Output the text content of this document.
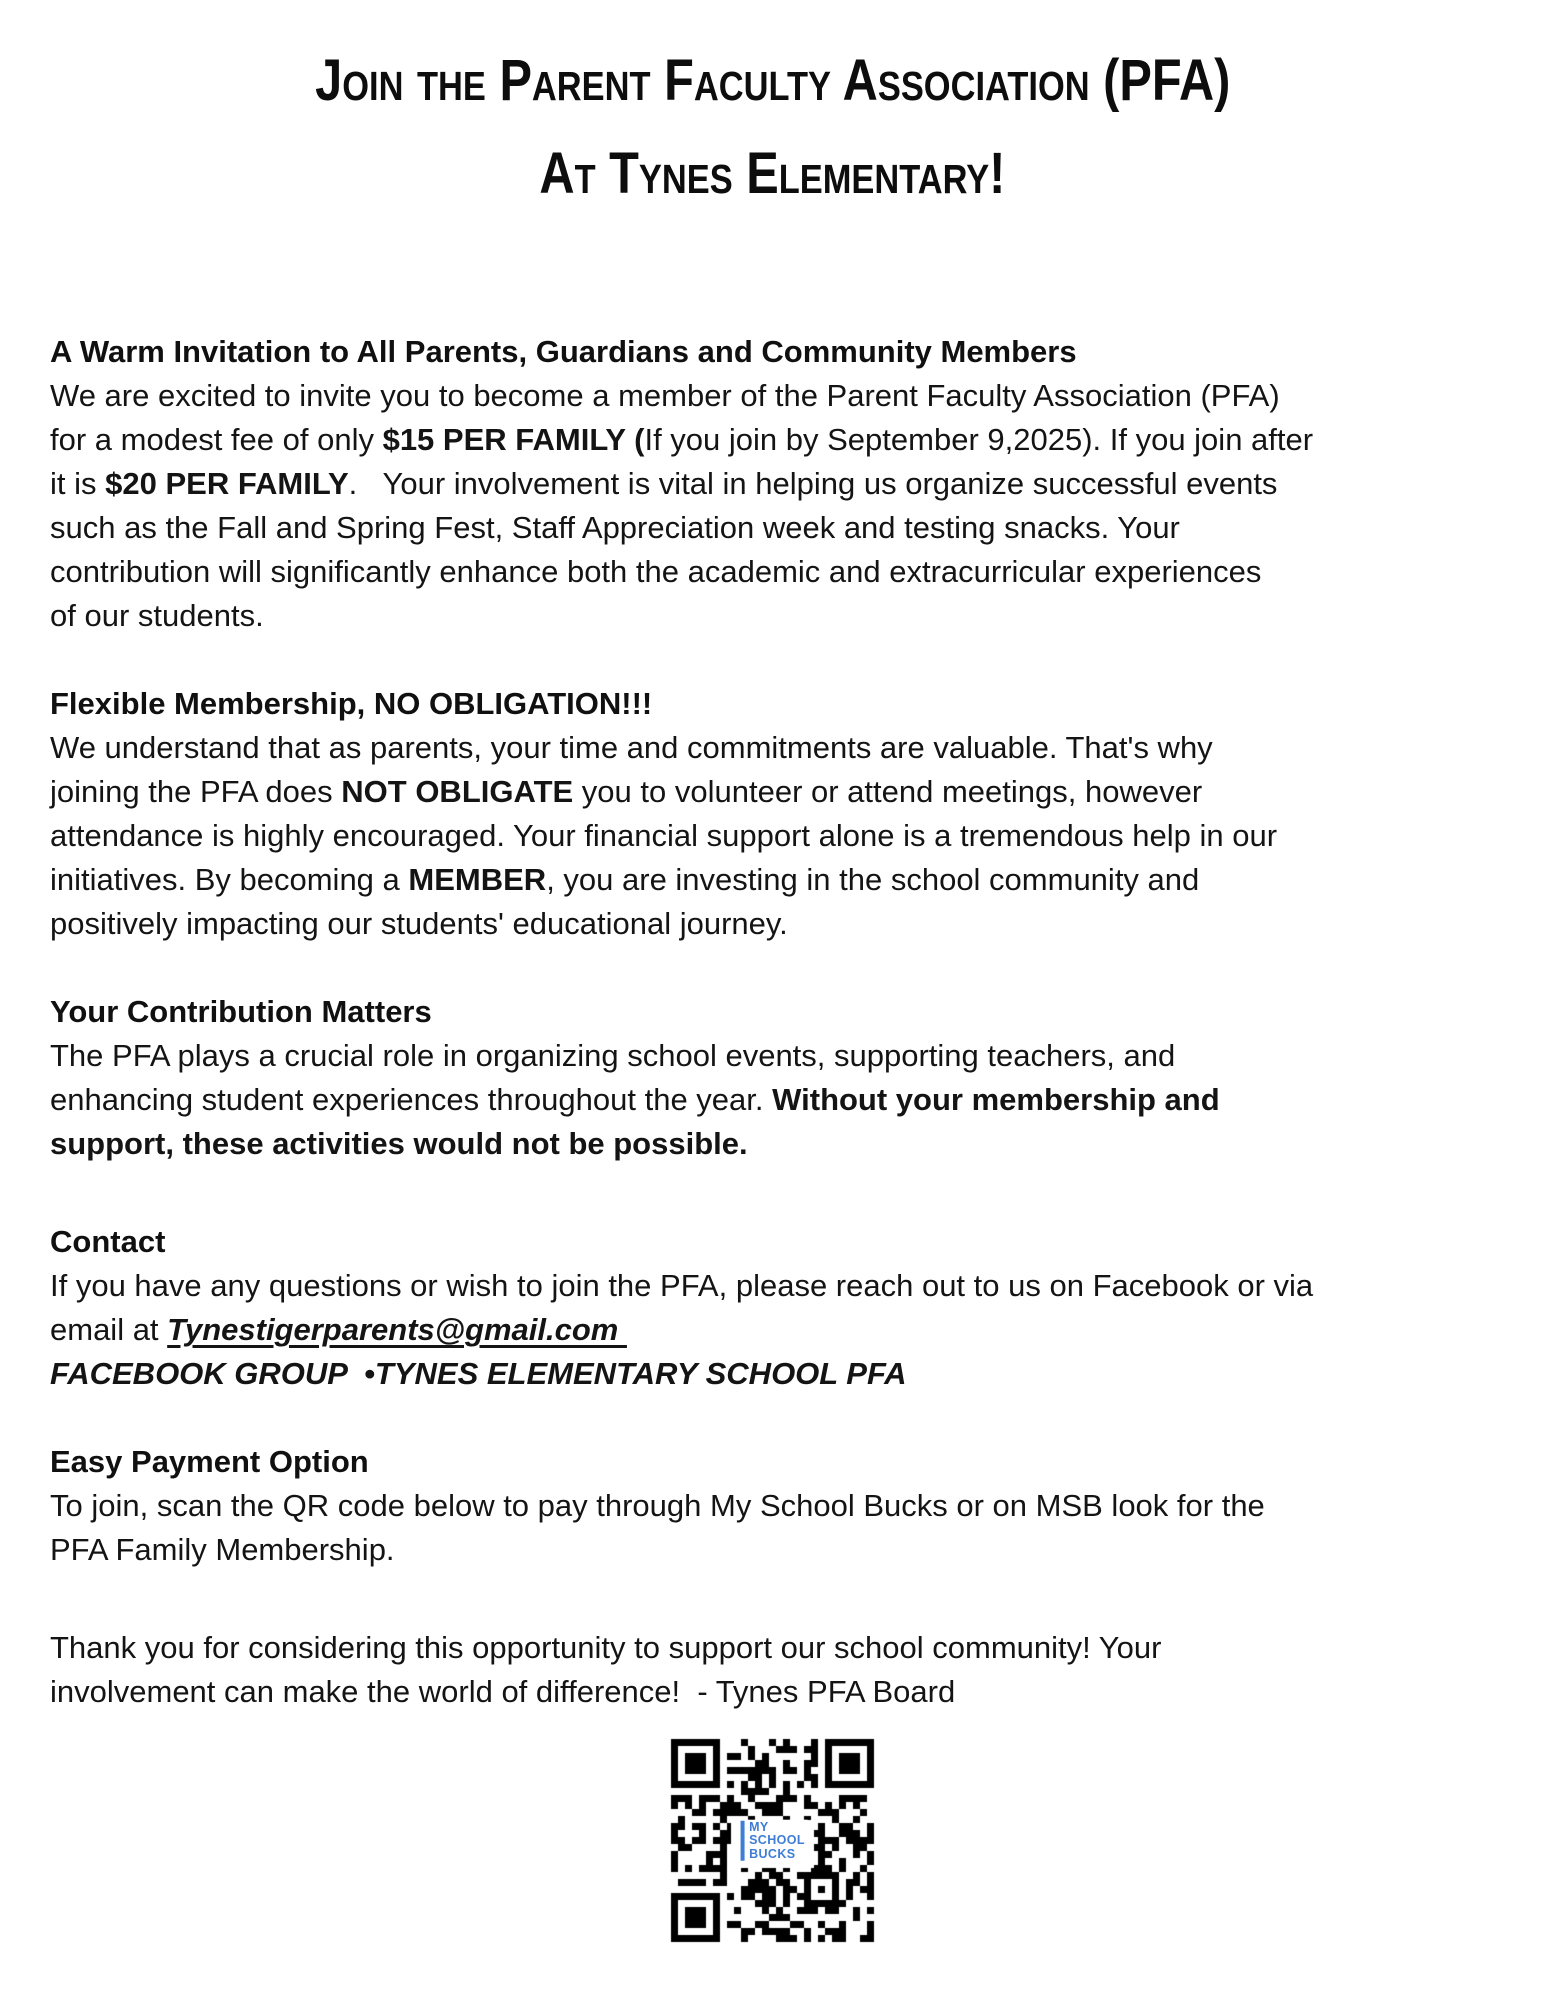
Join the Parent Faculty Association (PFA)
At Tynes Elementary!
A Warm Invitation to All Parents, Guardians and Community Members
We are excited to invite you to become a member of the Parent Faculty Association (PFA)
for a modest fee of only $15 PER FAMILY (If you join by September 9,2025). If you join after
it is $20 PER FAMILY.   Your involvement is vital in helping us organize successful events
such as the Fall and Spring Fest, Staff Appreciation week and testing snacks. Your
contribution will significantly enhance both the academic and extracurricular experiences
of our students.
Flexible Membership, NO OBLIGATION!!!
We understand that as parents, your time and commitments are valuable. That's why
joining the PFA does NOT OBLIGATE you to volunteer or attend meetings, however
attendance is highly encouraged. Your financial support alone is a tremendous help in our
initiatives. By becoming a MEMBER, you are investing in the school community and
positively impacting our students' educational journey.
Your Contribution Matters
The PFA plays a crucial role in organizing school events, supporting teachers, and
enhancing student experiences throughout the year. Without your membership and
support, these activities would not be possible.
Contact
If you have any questions or wish to join the PFA, please reach out to us on Facebook or via
email at Tynestigerparents@gmail.com
FACEBOOK GROUP  •TYNES ELEMENTARY SCHOOL PFA
Easy Payment Option
To join, scan the QR code below to pay through My School Bucks or on MSB look for the
PFA Family Membership.
Thank you for considering this opportunity to support our school community! Your
involvement can make the world of difference!  - Tynes PFA Board
MY
SCHOOL
BUCKS
